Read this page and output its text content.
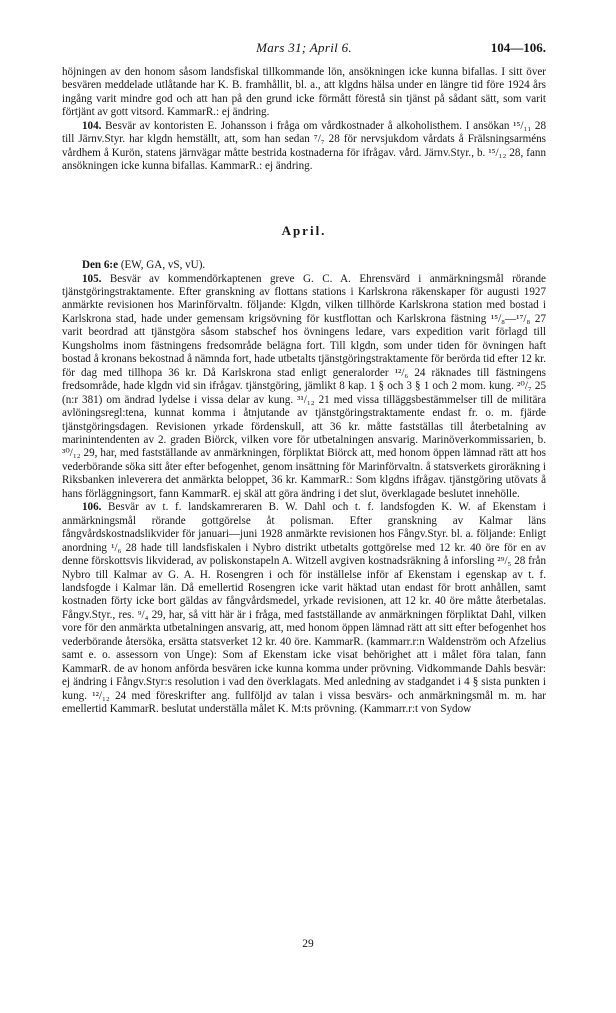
Mars 31; April 6.	104—106.

höjningen av den honom såsom landsfiskal tillkommande lön, ansökningen icke kunna bifallas. I sitt över besvären meddelade utlåtande har K. B. framhållit, bl. a., att klgdns hälsa under en längre tid före 1924 års ingång varit mindre god och att han på den grund icke förmått förestå sin tjänst på sådant sätt, som varit förtjänt av gott vitsord. KammarR.: ej ändring.

104. Besvär av kontoristen E. Johansson i fråga om vårdkostnader å alkoholisthem. I ansökan ¹⁵/₁₁ 28 till Järnv.Styr. har klgdn hemställt, att, som han sedan ⁷/₇ 28 för nervsjukdom vårdats å Frälsningsarméns vårdhem å Kurön, statens järnvägar måtte bestrida kostnaderna för ifrågav. vård. Järnv.Styr., b. ¹⁵/₁₂ 28, fann ansökningen icke kunna bifallas. KammarR.: ej ändring.

April.

Den 6:e (EW, GA, vS, vU).

105. Besvär av kommendörkaptenen greve G. C. A. Ehrensvärd i anmärkningsmål rörande tjänstgöringstraktamente. Efter granskning av flottans stations i Karlskrona räkenskaper för augusti 1927 anmärkte revisionen hos Marinförvaltn. följande: Klgdn, vilken tillhörde Karlskrona station med bostad i Karlskrona stad, hade under gemensam krigsövning för kustflottan och Karlskrona fästning ¹⁵/₈—¹⁷/₈ 27 varit beordrad att tjänstgöra såsom stabschef hos övningens ledare, vars expedition varit förlagd till Kungsholms inom fästningens fredsområde belägna fort. Till klgdn, som under tiden för övningen haft bostad å kronans bekostnad å nämnda fort, hade utbetalts tjänstgöringstraktamente för berörda tid efter 12 kr. för dag med tillhopa 36 kr. Då Karlskrona stad enligt generalorder ¹²/₆ 24 räknades till fästningens fredsområde, hade klgdn vid sin ifrågav. tjänstgöring, jämlikt 8 kap. 1 § och 3 § 1 och 2 mom. kung. ²⁰/₇ 25 (n:r 381) om ändrad lydelse i vissa delar av kung. ³¹/₁₂ 21 med vissa tilläggsbestämmelser till de militära avlöningsregl:tena, kunnat komma i åtnjutande av tjänstgöringstraktamente endast fr. o. m. fjärde tjänstgöringsdagen. Revisionen yrkade fördenskull, att 36 kr. måtte fastställas till återbetalning av marinintendenten av 2. graden Biörck, vilken vore för utbetalningen ansvarig. Marinöverkommissarien, b. ³⁰/₁₂ 29, har, med fastställande av anmärkningen, förpliktat Biörck att, med honom öppen lämnad rätt att hos vederbörande söka sitt åter efter befogenhet, genom insättning för Marinförvaltn. å statsverkets giroräkning i Riksbanken inleverera det anmärkta beloppet, 36 kr. KammarR.: Som klgdns ifrågav. tjänstgöring utövats å hans förläggningsort, fann KammarR. ej skäl att göra ändring i det slut, överklagade beslutet innehölle.

106. Besvär av t. f. landskamreraren B. W. Dahl och t. f. landsfogden K. W. af Ekenstam i anmärkningsmål rörande gottgörelse åt polisman. Efter granskning av Kalmar läns fångvårdskostnadslikvider för januari—juni 1928 anmärkte revisionen hos Fångv.Styr. bl. a. följande: Enligt anordning ¹/₆ 28 hade till landsfiskalen i Nybro distrikt utbetalts gottgörelse med 12 kr. 40 öre för en av denne förskottsvis likviderad, av poliskonstapeln A. Witzell avgiven kostnadsräkning å inforsling ²⁹/₅ 28 från Nybro till Kalmar av G. A. H. Rosengren i och för inställelse inför af Ekenstam i egenskap av t. f. landsfogde i Kalmar län. Då emellertid Rosengren icke varit häktad utan endast för brott anhållen, samt kostnaden förty icke bort gäldas av fångvårdsmedel, yrkade revisionen, att 12 kr. 40 öre måtte återbetalas. Fångv.Styr., res. ⁹/₄ 29, har, så vitt här är i fråga, med fastställande av anmärkningen förpliktat Dahl, vilken vore för den anmärkta utbetalningen ansvarig, att, med honom öppen lämnad rätt att sitt efter befogenhet hos vederbörande återsöka, ersätta statsverket 12 kr. 40 öre. KammarR. (kammarr.r:n Waldenström och Afzelius samt e. o. assessorn von Unge): Som af Ekenstam icke visat behörighet att i målet föra talan, fann KammarR. de av honom anförda besvären icke kunna komma under prövning. Vidkommande Dahls besvär: ej ändring i Fångv.Styr:s resolution i vad den överklagats. Med anledning av stadgandet i 4 § sista punkten i kung. ¹²/₁₂ 24 med föreskrifter ang. fullföljd av talan i vissa besvärs- och anmärkningsmål m. m. har emellertid KammarR. beslutat underställa målet K. M:ts prövning. (Kammarr.r:t von Sydow

29
